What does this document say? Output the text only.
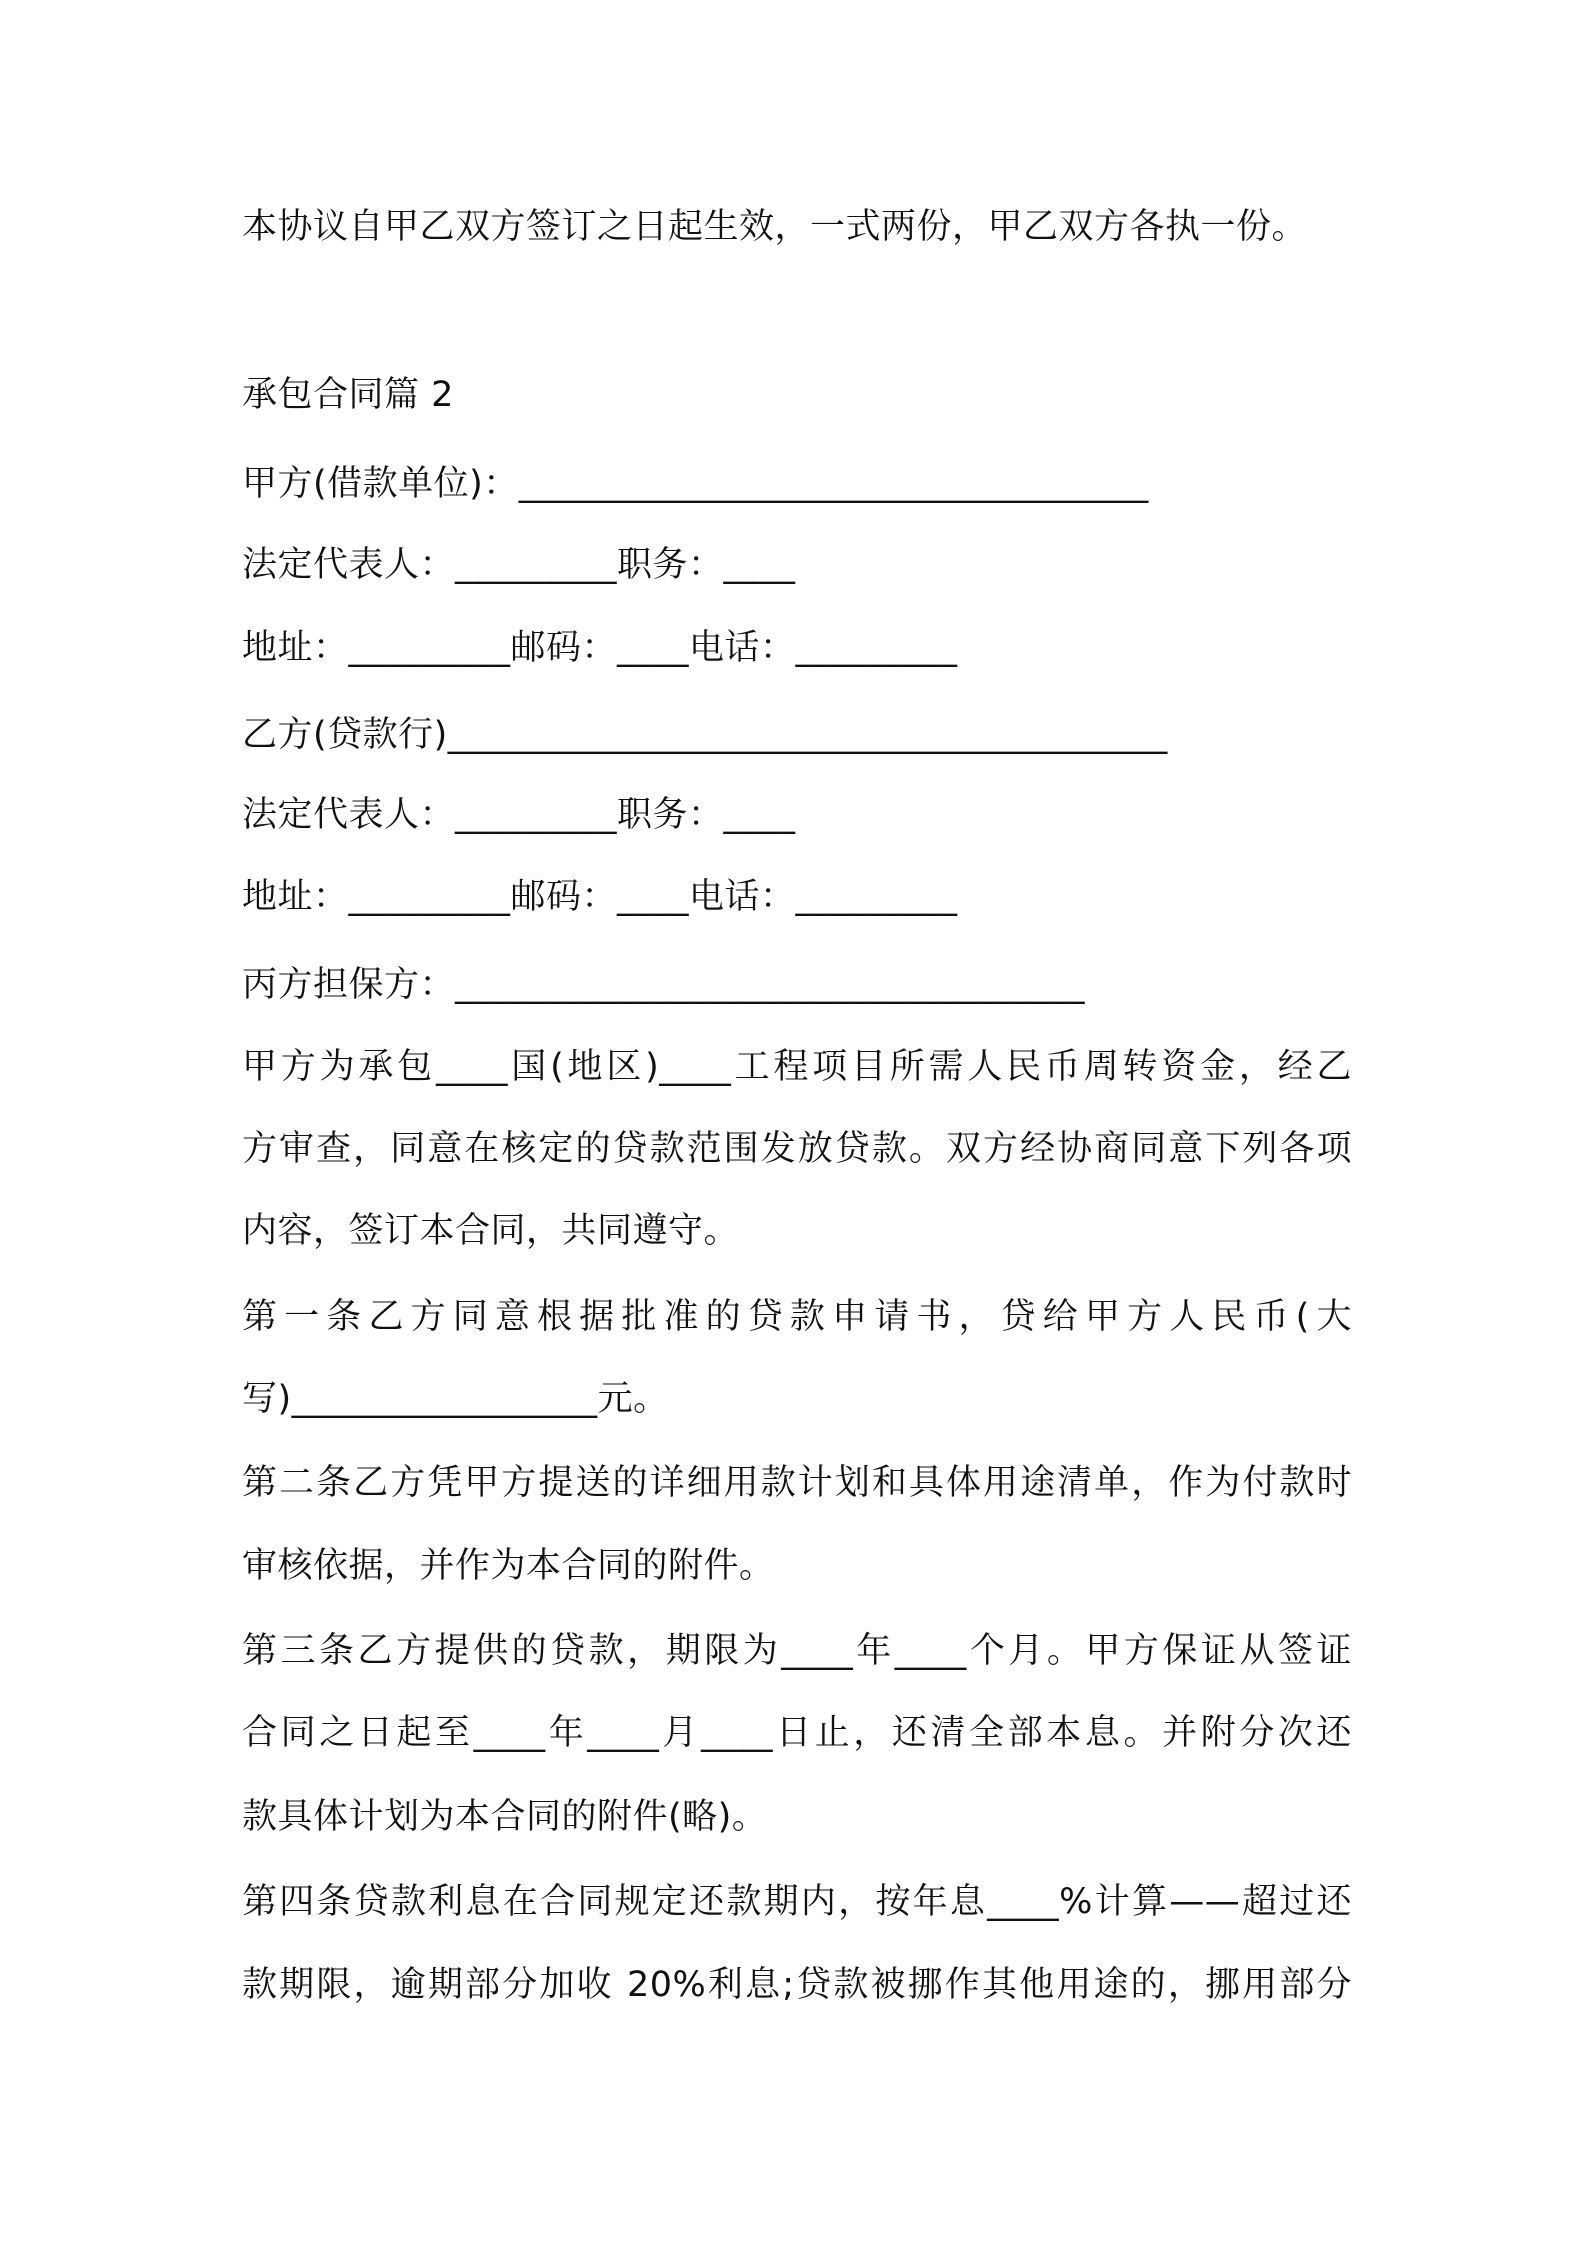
本协议自甲乙双方签订之日起生效，一式两份，甲乙双方各执一份。
承包合同篇 2
甲方(借款单位)：___________________________________
法定代表人：_________职务：____
地址：_________邮码：____电话：_________
乙方(贷款行)________________________________________
法定代表人：_________职务：____
地址：_________邮码：____电话：_________
丙方担保方：___________________________________
甲方为承包____国(地区)____工程项目所需人民币周转资金，经乙
方审查，同意在核定的贷款范围发放贷款。双方经协商同意下列各项
内容，签订本合同，共同遵守。
第一条乙方同意根据批准的贷款申请书，贷给甲方人民币(大
写)_________________元。
第二条乙方凭甲方提送的详细用款计划和具体用途清单，作为付款时
审核依据，并作为本合同的附件。
第三条乙方提供的贷款，期限为____年____个月。甲方保证从签证
合同之日起至____年____月____日止，还清全部本息。并附分次还
款具体计划为本合同的附件(略)。
第四条贷款利息在合同规定还款期内，按年息____%计算——超过还
款期限，逾期部分加收 20%利息;贷款被挪作其他用途的，挪用部分
